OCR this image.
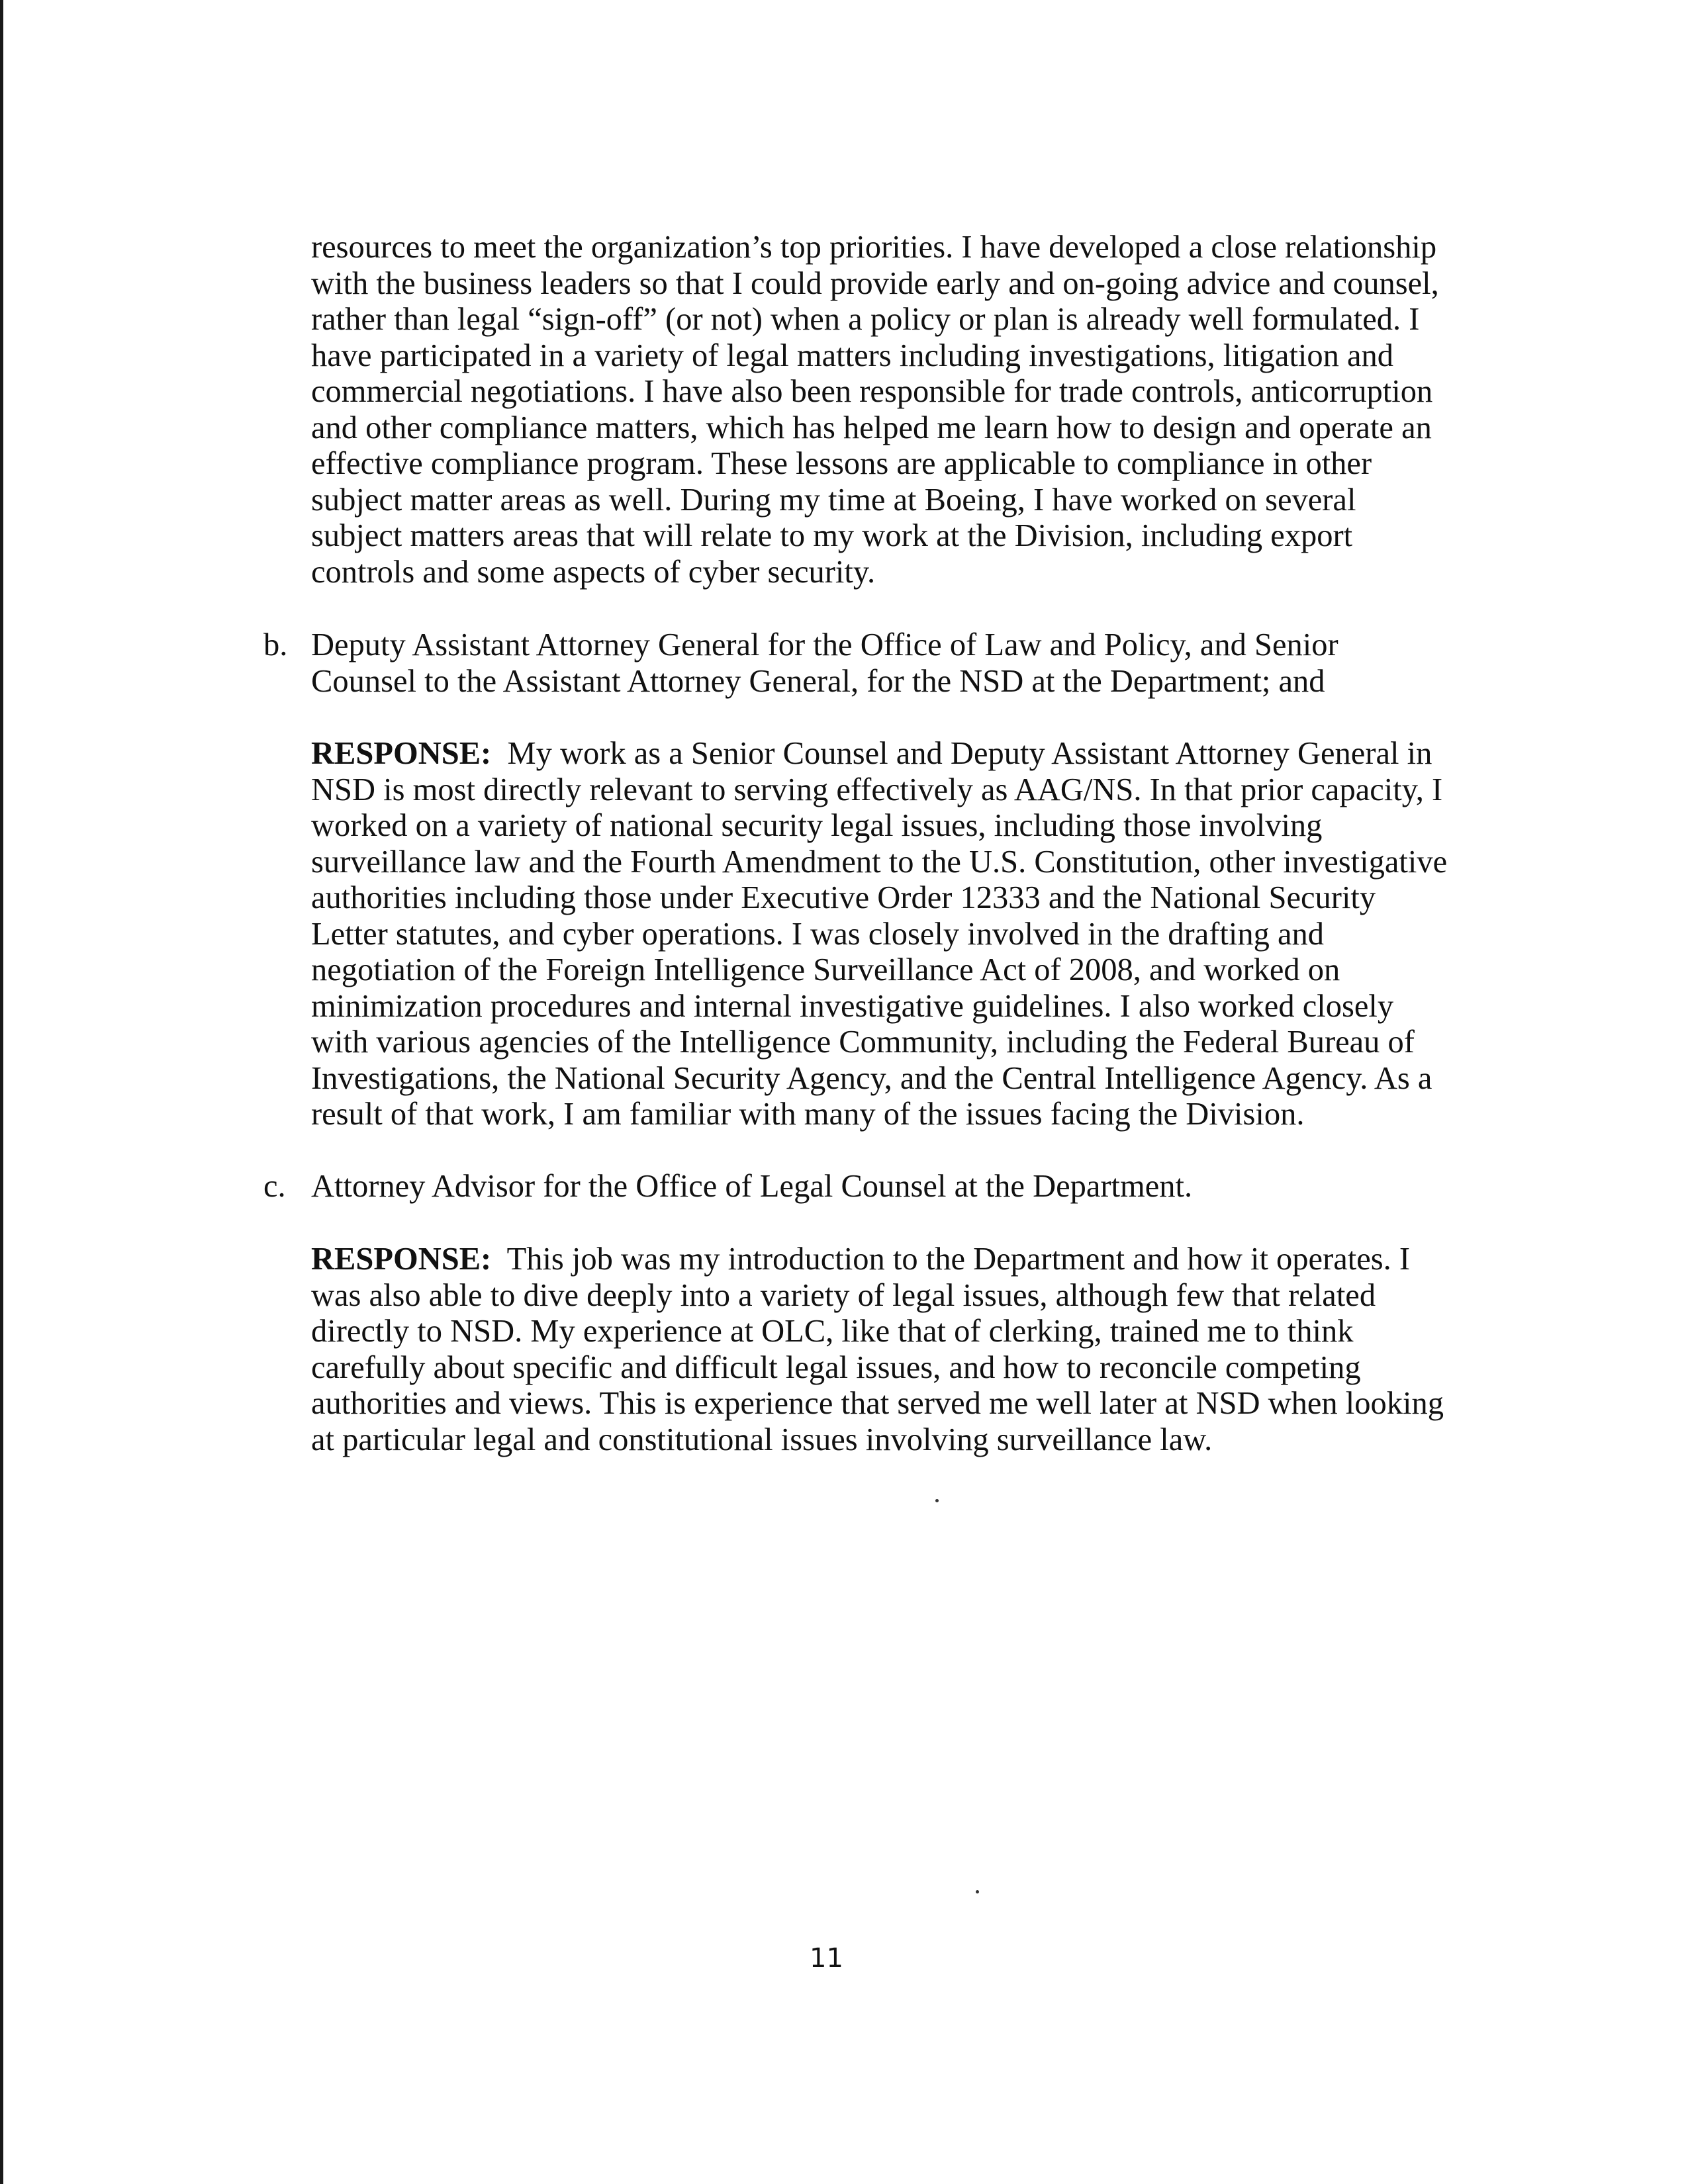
resources to meet the organization’s top priorities. I have developed a close relationship with the business leaders so that I could provide early and on-going advice and counsel, rather than legal “sign-off” (or not) when a policy or plan is already well formulated. I have participated in a variety of legal matters including investigations, litigation and commercial negotiations. I have also been responsible for trade controls, anticorruption and other compliance matters, which has helped me learn how to design and operate an effective compliance program. These lessons are applicable to compliance in other subject matter areas as well. During my time at Boeing, I have worked on several subject matters areas that will relate to my work at the Division, including export controls and some aspects of cyber security.

b. Deputy Assistant Attorney General for the Office of Law and Policy, and Senior Counsel to the Assistant Attorney General, for the NSD at the Department; and

RESPONSE: My work as a Senior Counsel and Deputy Assistant Attorney General in NSD is most directly relevant to serving effectively as AAG/NS. In that prior capacity, I worked on a variety of national security legal issues, including those involving surveillance law and the Fourth Amendment to the U.S. Constitution, other investigative authorities including those under Executive Order 12333 and the National Security Letter statutes, and cyber operations. I was closely involved in the drafting and negotiation of the Foreign Intelligence Surveillance Act of 2008, and worked on minimization procedures and internal investigative guidelines. I also worked closely with various agencies of the Intelligence Community, including the Federal Bureau of Investigations, the National Security Agency, and the Central Intelligence Agency. As a result of that work, I am familiar with many of the issues facing the Division.

c. Attorney Advisor for the Office of Legal Counsel at the Department.

RESPONSE: This job was my introduction to the Department and how it operates. I was also able to dive deeply into a variety of legal issues, although few that related directly to NSD. My experience at OLC, like that of clerking, trained me to think carefully about specific and difficult legal issues, and how to reconcile competing authorities and views. This is experience that served me well later at NSD when looking at particular legal and constitutional issues involving surveillance law.

11
